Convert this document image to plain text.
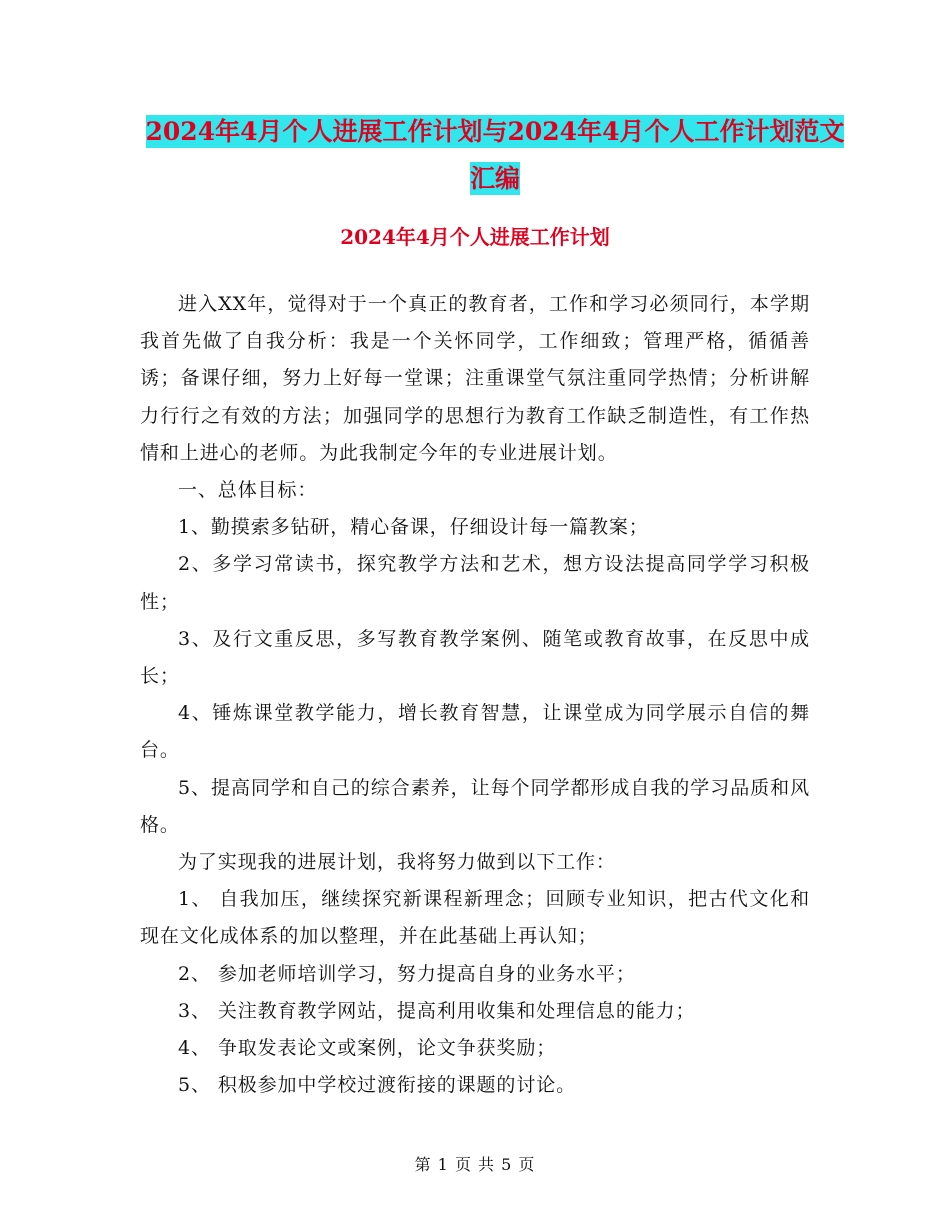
2024年4月个人进展工作计划与2024年4月个人工作计划范文汇编
2024年4月个人进展工作计划

进入XX年，觉得对于一个真正的教育者，工作和学习必须同行，本学期我首先做了自我分析：我是一个关怀同学，工作细致；管理严格，循循善诱；备课仔细，努力上好每一堂课；注重课堂气氛注重同学热情；分析讲解力行行之有效的方法；加强同学的思想行为教育工作缺乏制造性，有工作热情和上进心的老师。为此我制定今年的专业进展计划。

一、总体目标：

1、勤摸索多钻研，精心备课，仔细设计每一篇教案；

2、多学习常读书，探究教学方法和艺术，想方设法提高同学学习积极性；

3、及行文重反思，多写教育教学案例、随笔或教育故事，在反思中成长；

4、锤炼课堂教学能力，增长教育智慧，让课堂成为同学展示自信的舞台。

5、提高同学和自己的综合素养，让每个同学都形成自我的学习品质和风格。

为了实现我的进展计划，我将努力做到以下工作：

1、 自我加压，继续探究新课程新理念；回顾专业知识，把古代文化和现在文化成体系的加以整理，并在此基础上再认知；

2、 参加老师培训学习，努力提高自身的业务水平；

3、 关注教育教学网站，提高利用收集和处理信息的能力；

4、 争取发表论文或案例，论文争获奖励；

5、 积极参加中学校过渡衔接的课题的讨论。

第 1 页 共 5 页
